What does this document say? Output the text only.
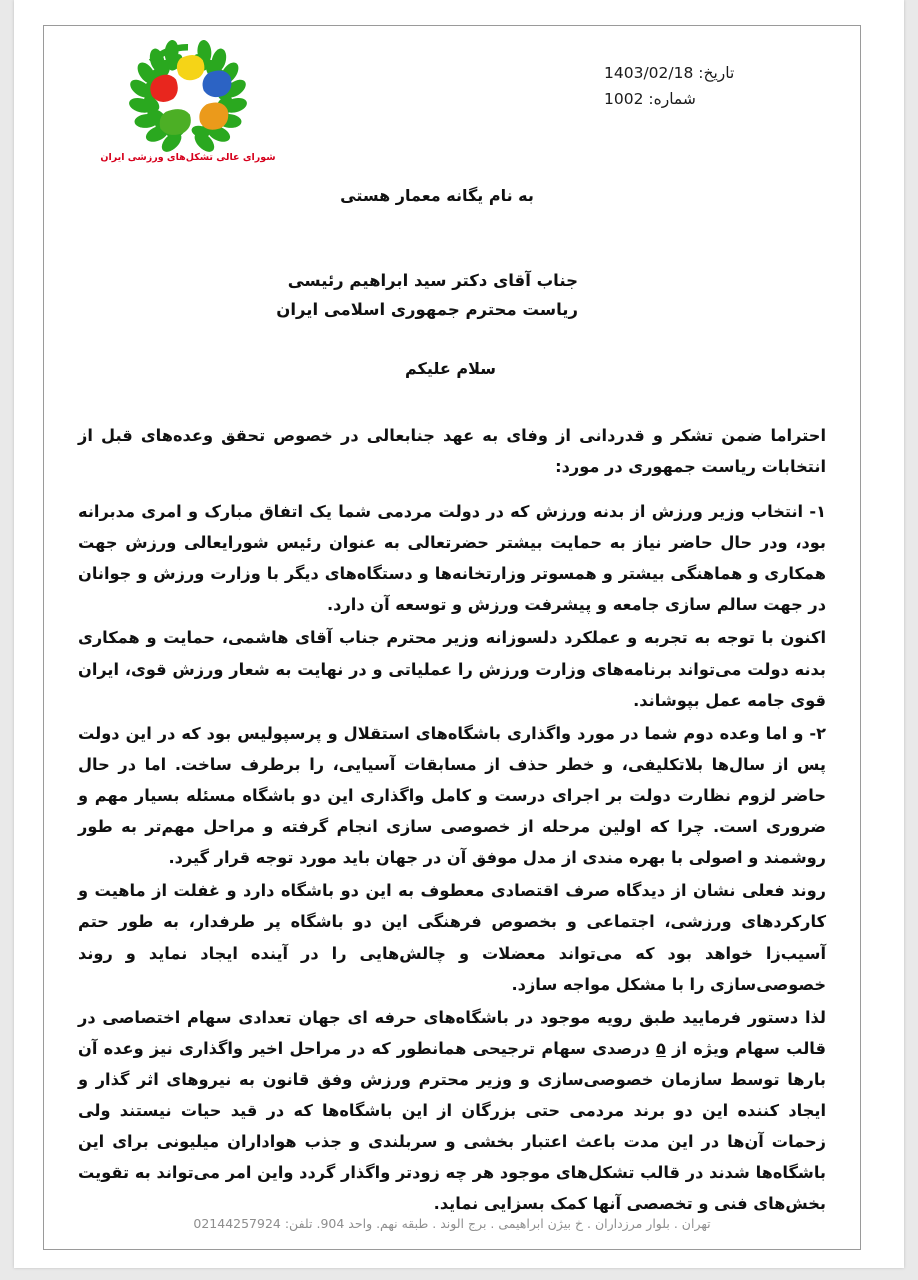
تاریخ: 1403/02/18
شماره: 1002
شورای عالی تشکل‌های ورزشی ایران
به نام یگانه معمار هستی
جناب آقای دکتر سید ابراهیم رئیسی
ریاست محترم جمهوری اسلامی ایران
سلام علیکم

احتراما ضمن تشکر و قدردانی از وفای به عهد جنابعالی در خصوص تحقق وعده‌های قبل از انتخابات ریاست جمهوری در مورد:

۱- انتخاب وزیر ورزش از بدنه ورزش که در دولت مردمی شما یک اتفاق مبارک و امری مدبرانه بود، ودر حال حاضر نیاز به حمایت بیشتر حضرتعالی به عنوان رئیس شورایعالی ورزش جهت همکاری و هماهنگی بیشتر و همسوتر وزارتخانه‌ها و دستگاه‌های دیگر با وزارت ورزش و جوانان در جهت سالم سازی جامعه و پیشرفت ورزش و توسعه آن دارد.

اکنون با توجه به تجربه و عملکرد دلسوزانه وزیر محترم جناب آقای هاشمی، حمایت و همکاری بدنه دولت می‌تواند برنامه‌های وزارت ورزش را عملیاتی و در نهایت به شعار ورزش قوی، ایران قوی جامه عمل بپوشاند.

۲- و اما وعده دوم شما در مورد واگذاری باشگاه‌های استقلال و پرسپولیس بود که در این دولت پس از سال‌ها بلاتکلیفی، و خطر حذف از مسابقات آسیایی، را برطرف ساخت. اما در حال حاضر لزوم نظارت دولت بر اجرای درست و کامل واگذاری این دو باشگاه مسئله بسیار مهم و ضروری است. چرا که اولین مرحله از خصوصی سازی انجام گرفته و مراحل مهم‌تر به طور روشمند و اصولی با بهره مندی از مدل موفق آن در جهان باید مورد توجه قرار گیرد.

روند فعلی نشان از دیدگاه صرف اقتصادی معطوف به این دو باشگاه دارد و غفلت از ماهیت و کارکردهای ورزشی، اجتماعی و بخصوص فرهنگی این دو باشگاه پر طرفدار، به طور حتم آسیب‌زا خواهد بود که می‌تواند معضلات و چالش‌هایی را در آینده ایجاد نماید و روند خصوصی‌سازی را با مشکل مواجه سازد.

لذا دستور فرمایید طبق رویه موجود در باشگاه‌های حرفه ای جهان تعدادی سهام اختصاصی در قالب سهام ویژه از ۵ درصدی سهام ترجیحی همانطور که در مراحل اخیر واگذاری نیز وعده آن بارها توسط سازمان خصوصی‌سازی و وزیر محترم ورزش وفق قانون به نیروهای اثر گذار و ایجاد کننده این دو برند مردمی حتی بزرگان از این باشگاه‌ها که در قید حیات نیستند ولی زحمات آن‌ها در این مدت باعث اعتبار بخشی و سربلندی و جذب هواداران میلیونی برای این باشگاه‌ها شدند در قالب تشکل‌های موجود هر چه زودتر واگذار گردد واین امر می‌تواند به تقویت بخش‌های فنی و تخصصی آنها کمک بسزایی نماید.

تهران . بلوار مرزداران . خ بیژن ابراهیمی . برج الوند . طبقه نهم. واحد 904. تلفن: 02144257924
